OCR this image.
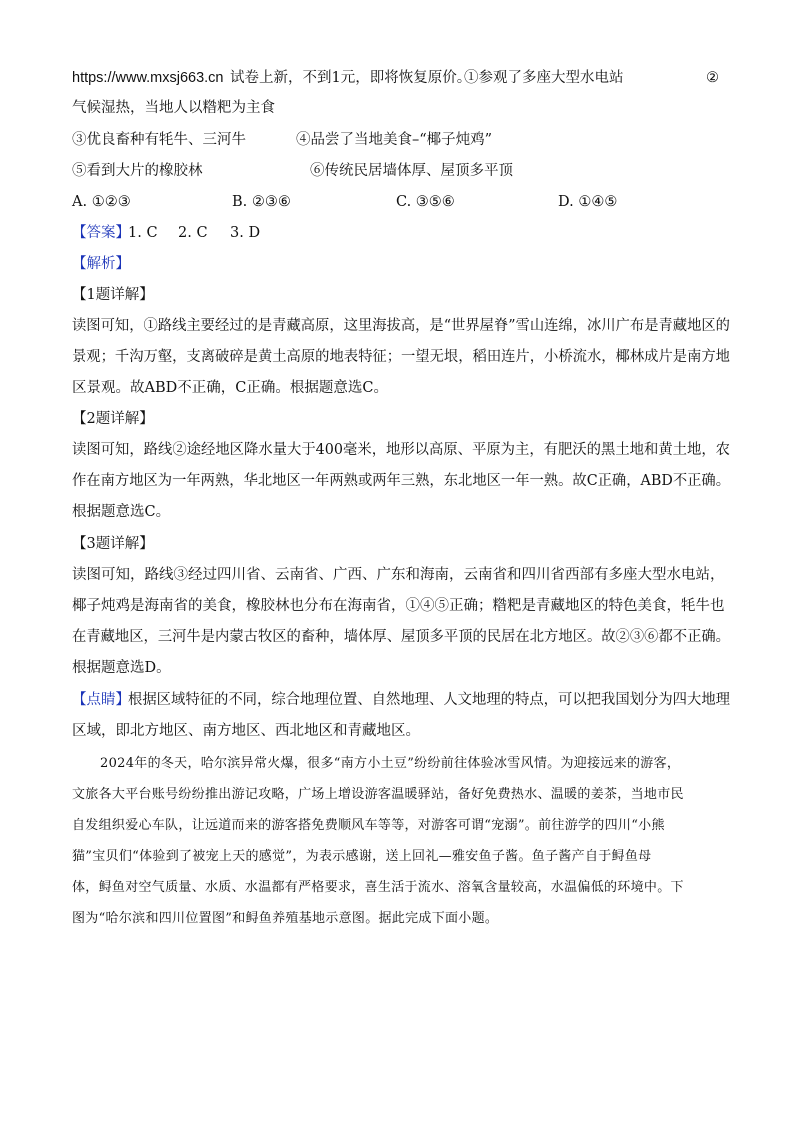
https://www.mxsj663.cn 试卷上新，不到1元，即将恢复原价。
①参观了多座大型水电站	②
气候湿热，当地人以糌粑为主食
③优良畜种有牦牛、三河牛	④品尝了当地美食–“椰子炖鸡”
⑤看到大片的橡胶林	⑥传统民居墙体厚、屋顶多平顶
A. ①②③	B. ②③⑥	C. ③⑤⑥	D. ①④⑤
【答案】
1. C 2. C 3. D
【解析】
【1题详解】
读图可知，①路线主要经过的是青藏高原，这里海拔高，是“世界屋脊”雪山连绵，冰川广布是青藏地区的
景观；千沟万壑，支离破碎是黄土高原的地表特征；一望无垠，稻田连片，小桥流水，椰林成片是南方地
区景观。故ABD不正确，C正确。根据题意选C。
【2题详解】
读图可知，路线②途经地区降水量大于400毫米，地形以高原、平原为主，有肥沃的黑土地和黄土地，农
作在南方地区为一年两熟，华北地区一年两熟或两年三熟，东北地区一年一熟。故C正确，ABD不正确。
根据题意选C。
【3题详解】
读图可知，路线③经过四川省、云南省、广西、广东和海南，云南省和四川省西部有多座大型水电站，
椰子炖鸡是海南省的美食，橡胶林也分布在海南省，①④⑤正确；糌粑是青藏地区的特色美食，牦牛也
在青藏地区，三河牛是内蒙古牧区的畜种，墙体厚、屋顶多平顶的民居在北方地区。故②③⑥都不正确。
根据题意选D。
【点睛】
根据区域特征的不同，综合地理位置、自然地理、人文地理的特点，可以把我国划分为四大地理
区域，即北方地区、南方地区、西北地区和青藏地区。
2024年的冬天，哈尔滨异常火爆，很多“南方小土豆”纷纷前往体验冰雪风情。为迎接远来的游客，
文旅各大平台账号纷纷推出游记攻略，广场上增设游客温暖驿站，备好免费热水、温暖的姜茶，当地市民
自发组织爱心车队，让远道而来的游客搭免费顺风车等等，对游客可谓“宠溺”。前往游学的四川“小熊
猫”宝贝们“体验到了被宠上天的感觉”，为表示感谢，送上回礼—雅安鱼子酱。鱼子酱产自于鲟鱼母
体，鲟鱼对空气质量、水质、水温都有严格要求，喜生活于流水、溶氧含量较高，水温偏低的环境中。下
图为“哈尔滨和四川位置图”和鲟鱼养殖基地示意图。据此完成下面小题。
